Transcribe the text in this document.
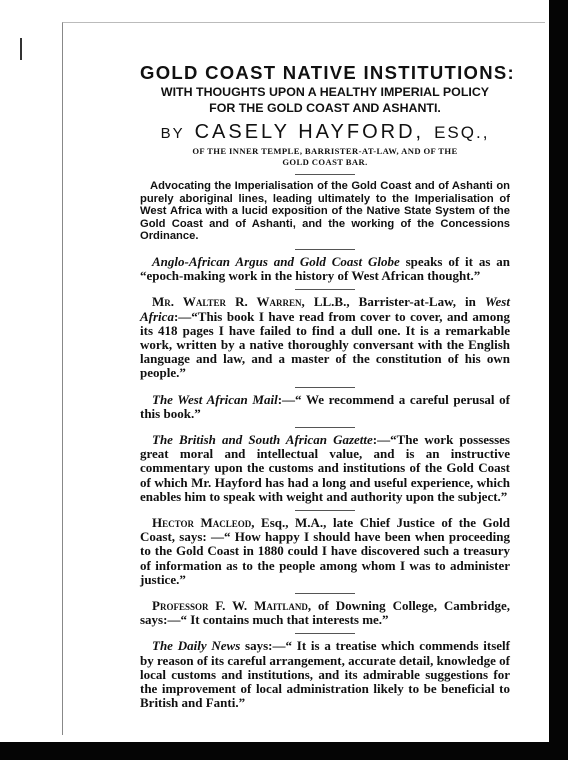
GOLD COAST NATIVE INSTITUTIONS:
WITH THOUGHTS UPON A HEALTHY IMPERIAL POLICY
FOR THE GOLD COAST AND ASHANTI.
BY CASELY HAYFORD, ESQ.,
OF THE INNER TEMPLE, BARRISTER-AT-LAW, AND OF THE
GOLD COAST BAR.

Advocating the Imperialisation of the Gold Coast and of Ashanti on purely aboriginal lines, leading ultimately to the Imperialisation of West Africa with a lucid exposition of the Native State System of the Gold Coast and of Ashanti, and the working of the Concessions Ordinance.

Anglo-African Argus and Gold Coast Globe speaks of it as an “epoch-making work in the history of West African thought.”

Mr. Walter R. Warren, LL.B., Barrister-at-Law, in West Africa:—“This book I have read from cover to cover, and among its 418 pages I have failed to find a dull one. It is a remarkable work, written by a native thoroughly conversant with the English language and law, and a master of the constitution of his own people.”

The West African Mail:—“ We recommend a careful perusal of this book.”

The British and South African Gazette:—“The work possesses great moral and intellectual value, and is an instructive commentary upon the customs and institutions of the Gold Coast of which Mr. Hayford has had a long and useful experience, which enables him to speak with weight and authority upon the subject.”

Hector Macleod, Esq., M.A., late Chief Justice of the Gold Coast, says: —“ How happy I should have been when proceeding to the Gold Coast in 1880 could I have discovered such a treasury of information as to the people among whom I was to administer justice.”

Professor F. W. Maitland, of Downing College, Cambridge, says:—“ It contains much that interests me.”

The Daily News says:—“ It is a treatise which commends itself by reason of its careful arrangement, accurate detail, knowledge of local customs and institutions, and its admirable suggestions for the improvement of local administration likely to be beneficial to British and Fanti.”
